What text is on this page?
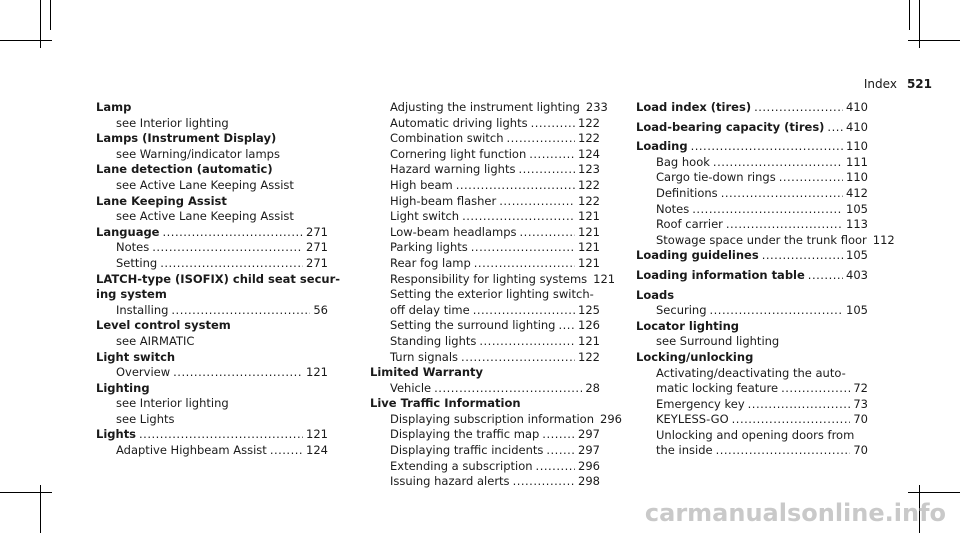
Index 521
Lamp
see Interior lighting
Lamps (Instrument Display)
see Warning/indicator lamps
Lane detection (automatic)
see Active Lane Keeping Assist
Lane Keeping Assist
see Active Lane Keeping Assist
Language .....	271
Notes .....	271
Setting .....	271
LATCH-type (ISOFIX) child seat secur-
ing system
Installing .....	56
Level control system
see AIRMATIC
Light switch
Overview .....	121
Lighting
see Interior lighting
see Lights
Lights .....	121
Adaptive Highbeam Assist .....	124
Adjusting the instrument lighting 233
Automatic driving lights .....	122
Combination switch .....	122
Cornering light function .....	124
Hazard warning lights .....	123
High beam .....	122
High-beam flasher .....	122
Light switch .....	121
Low-beam headlamps .....	121
Parking lights .....	121
Rear fog lamp .....	121
Responsibility for lighting systems 121
Setting the exterior lighting switch-
off delay time .....	125
Setting the surround lighting ..... 126
Standing lights .....	121
Turn signals .....	122
Limited Warranty
Vehicle .....	28
Live Traffic Information
Displaying subscription information 296
Displaying the traffic map .....	297
Displaying traffic incidents .....	297
Extending a subscription .....	296
Issuing hazard alerts .....	298
Load index (tires) .....	410
Load-bearing capacity (tires) ..... 410
Loading .....	110
Bag hook .....	111
Cargo tie-down rings .....	110
Definitions .....	412
Notes .....	105
Roof carrier .....	113
Stowage space under the trunk floor 112
Loading guidelines .....	105
Loading information table .....	403
Loads
Securing .....	105
Locator lighting
see Surround lighting
Locking/unlocking
Activating/deactivating the auto-
matic locking feature .....	72
Emergency key .....	73
KEYLESS-GO .....	70
Unlocking and opening doors from
the inside .....	70
carmanualsonline.info
